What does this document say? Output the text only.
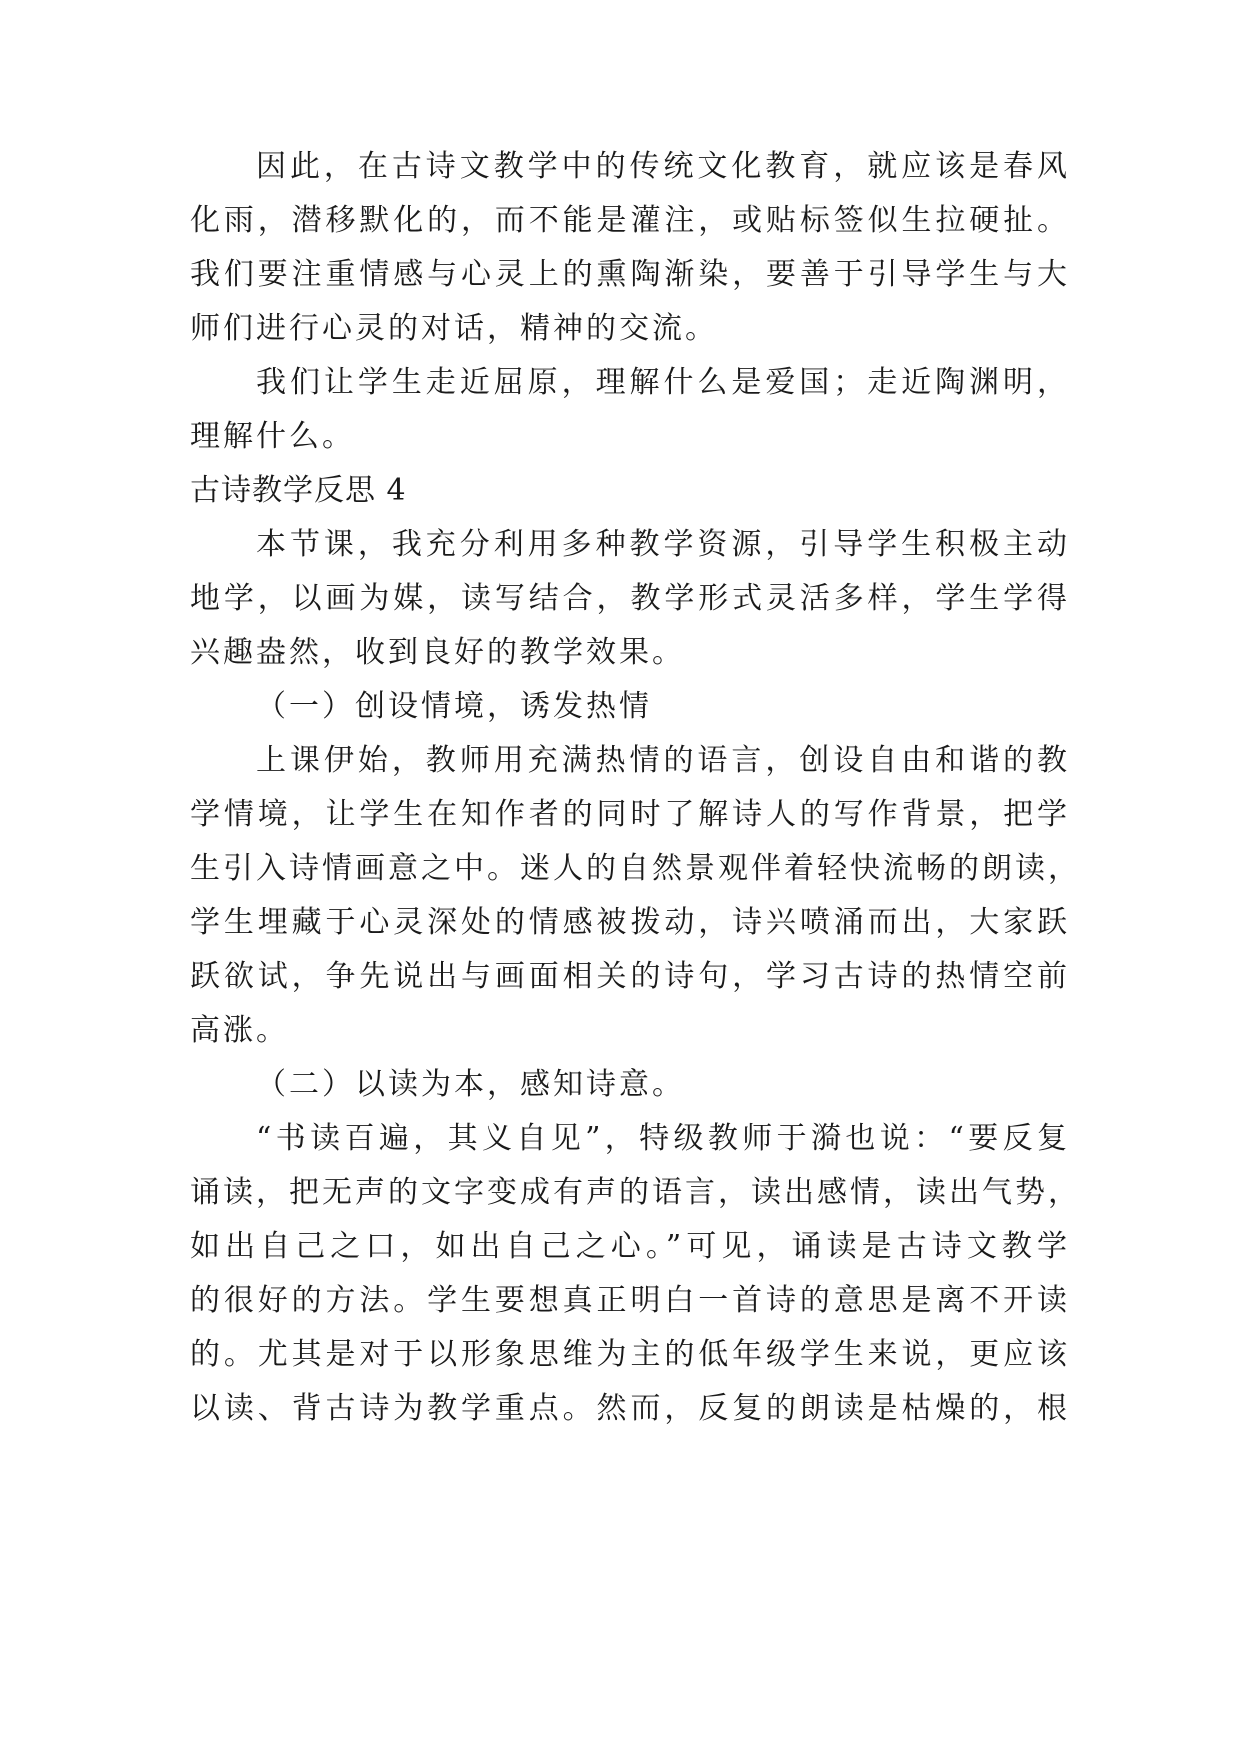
因此，在古诗文教学中的传统文化教育，就应该是春风
化雨，潜移默化的，而不能是灌注，或贴标签似生拉硬扯。
我们要注重情感与心灵上的熏陶渐染，要善于引导学生与大
师们进行心灵的对话，精神的交流。
我们让学生走近屈原，理解什么是爱国；走近陶渊明，
理解什么。
古诗教学反思 4
本节课，我充分利用多种教学资源，引导学生积极主动
地学，以画为媒，读写结合，教学形式灵活多样，学生学得
兴趣盎然，收到良好的教学效果。
（一）创设情境，诱发热情
上课伊始，教师用充满热情的语言，创设自由和谐的教
学情境，让学生在知作者的同时了解诗人的写作背景，把学
生引入诗情画意之中。迷人的自然景观伴着轻快流畅的朗读，
学生埋藏于心灵深处的情感被拨动，诗兴喷涌而出，大家跃
跃欲试，争先说出与画面相关的诗句，学习古诗的热情空前
高涨。
（二）以读为本，感知诗意。
“书读百遍，其义自见”，特级教师于漪也说：“要反复
诵读，把无声的文字变成有声的语言，读出感情，读出气势，
如出自己之口，如出自己之心。”可见，诵读是古诗文教学
的很好的方法。学生要想真正明白一首诗的意思是离不开读
的。尤其是对于以形象思维为主的低年级学生来说，更应该
以读、背古诗为教学重点。然而，反复的朗读是枯燥的，根
